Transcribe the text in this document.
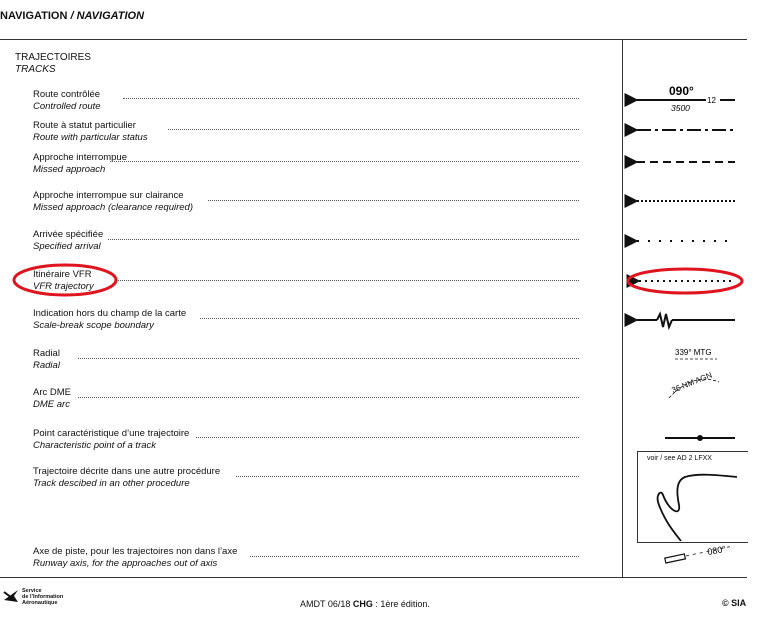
NAVIGATION / NAVIGATION
TRAJECTOIRES
TRACKS
Route contrôlée
Controlled route
Route à statut particulier
Route with particular status
Approche interrompue
Missed approach
Approche interrompue sur clairance
Missed approach (clearance required)
Arrivée spécifiée
Specified arrival
Itinéraire VFR
VFR trajectory
Indication hors du champ de la carte
Scale-break scope boundary
Radial
Radial
Arc DME
DME arc
Point caractéristique d’une trajectoire
Characteristic point of a track
Trajectoire décrite dans une autre procédure
Track descibed in an other procedure
Axe de piste, pour les trajectoires non dans l’axe
Runway axis, for the approaches out of axis
090°
3500
12
339° MTG
36 NM AGN
080°
voir / see AD 2 LFXX
Service
de l’Information
Aéronautique	AMDT 06/18 CHG : 1ère édition.	© SIA
